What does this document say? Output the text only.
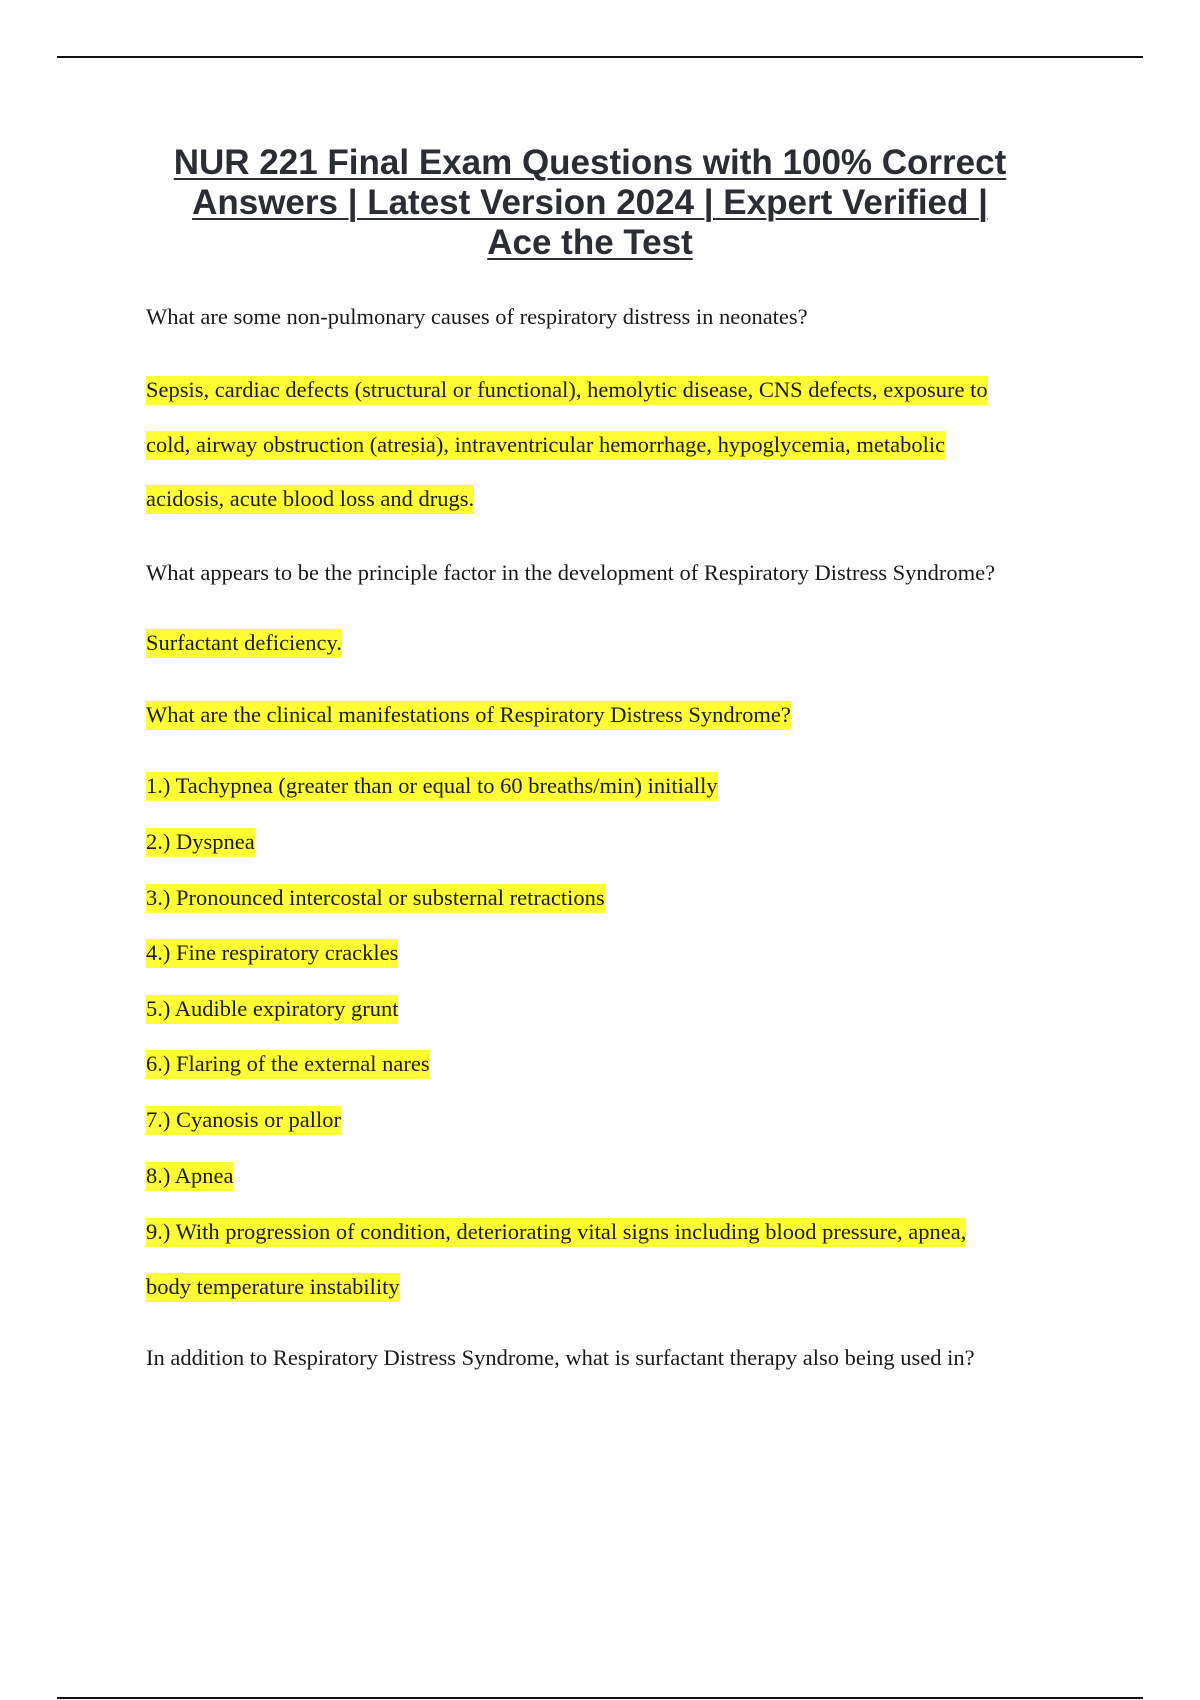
NUR 221 Final Exam Questions with 100% Correct
Answers | Latest Version 2024 | Expert Verified |
Ace the Test

What are some non-pulmonary causes of respiratory distress in neonates?

Sepsis, cardiac defects (structural or functional), hemolytic disease, CNS defects, exposure to

cold, airway obstruction (atresia), intraventricular hemorrhage, hypoglycemia, metabolic

acidosis, acute blood loss and drugs.

What appears to be the principle factor in the development of Respiratory Distress Syndrome?

Surfactant deficiency.

What are the clinical manifestations of Respiratory Distress Syndrome?

1.) Tachypnea (greater than or equal to 60 breaths/min) initially

2.) Dyspnea

3.) Pronounced intercostal or substernal retractions

4.) Fine respiratory crackles

5.) Audible expiratory grunt

6.) Flaring of the external nares

7.) Cyanosis or pallor

8.) Apnea

9.) With progression of condition, deteriorating vital signs including blood pressure, apnea,

body temperature instability

In addition to Respiratory Distress Syndrome, what is surfactant therapy also being used in?
